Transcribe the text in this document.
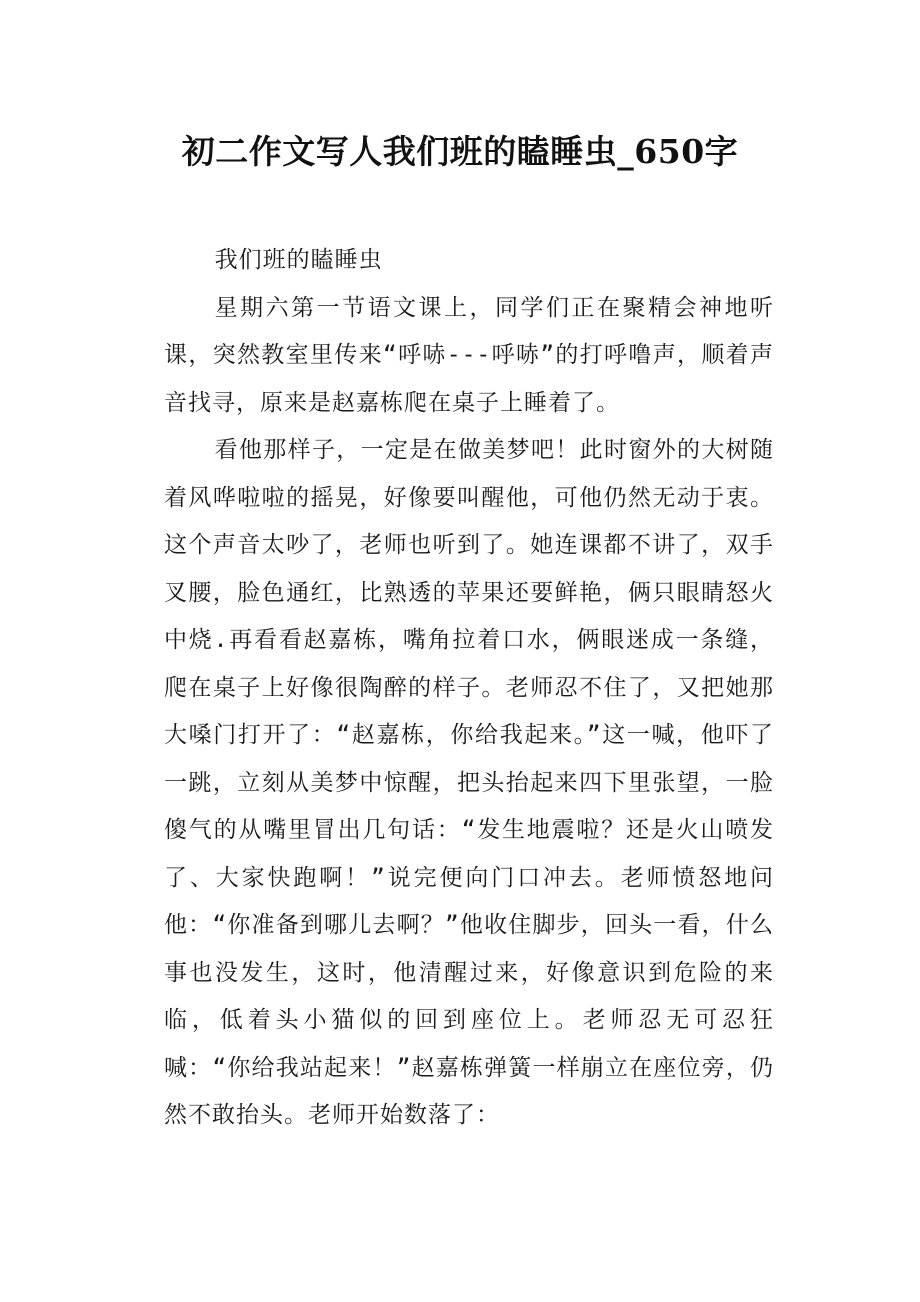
初二作文写人我们班的瞌睡虫_650字

我们班的瞌睡虫

星期六第一节语文课上，同学们正在聚精会神地听课，突然教室里传来“呼哧---呼哧”的打呼噜声，顺着声音找寻，原来是赵嘉栋爬在桌子上睡着了。

看他那样子，一定是在做美梦吧！此时窗外的大树随着风哗啦啦的摇晃，好像要叫醒他，可他仍然无动于衷。这个声音太吵了，老师也听到了。她连课都不讲了，双手叉腰，脸色通红，比熟透的苹果还要鲜艳，俩只眼睛怒火中烧.再看看赵嘉栋，嘴角拉着口水，俩眼迷成一条缝，爬在桌子上好像很陶醉的样子。老师忍不住了，又把她那大嗓门打开了：“赵嘉栋，你给我起来。”这一喊，他吓了一跳，立刻从美梦中惊醒，把头抬起来四下里张望，一脸傻气的从嘴里冒出几句话：“发生地震啦？还是火山喷发了、大家快跑啊！”说完便向门口冲去。老师愤怒地问他：“你准备到哪儿去啊？”他收住脚步，回头一看，什么事也没发生，这时，他清醒过来，好像意识到危险的来临，低着头小猫似的回到座位上。老师忍无可忍狂喊：“你给我站起来！”赵嘉栋弹簧一样崩立在座位旁，仍然不敢抬头。老师开始数落了：
